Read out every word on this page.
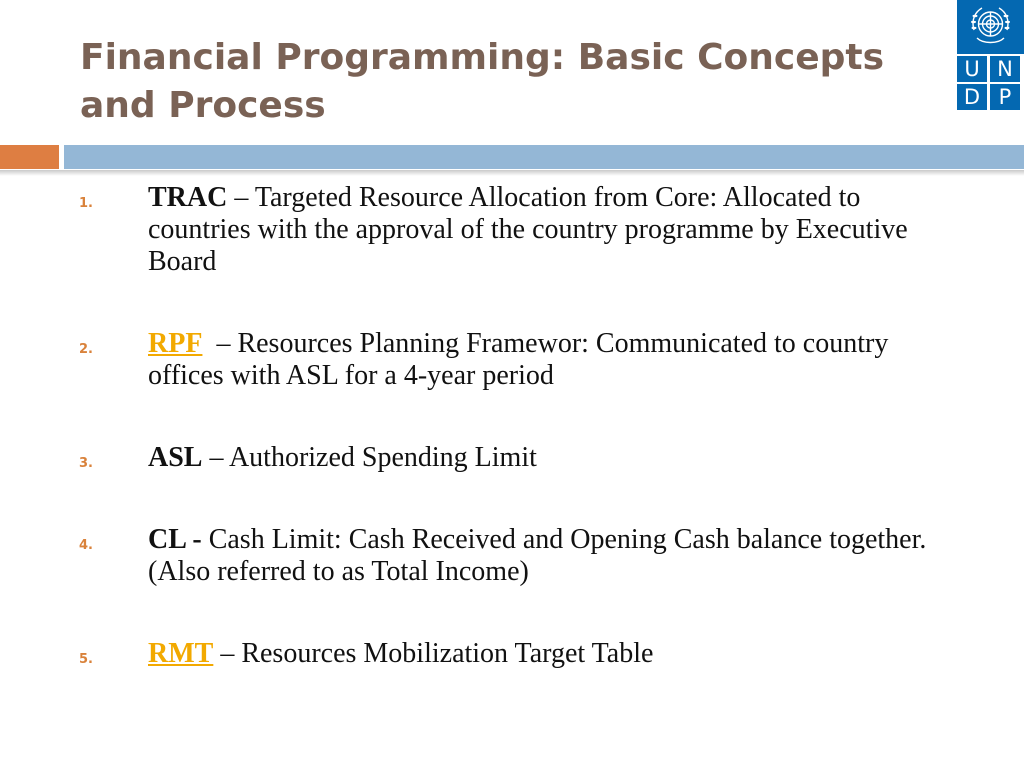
Financial Programming: Basic Concepts and Process
U N
D P
1. TRAC – Targeted Resource Allocation from Core: Allocated to countries with the approval of the country programme by Executive Board
2. RPF  – Resources Planning Framewor: Communicated to country offices with ASL for a 4-year period
3. ASL – Authorized Spending Limit
4. CL - Cash Limit: Cash Received and Opening Cash balance together. (Also referred to as Total Income)
5. RMT – Resources Mobilization Target Table
